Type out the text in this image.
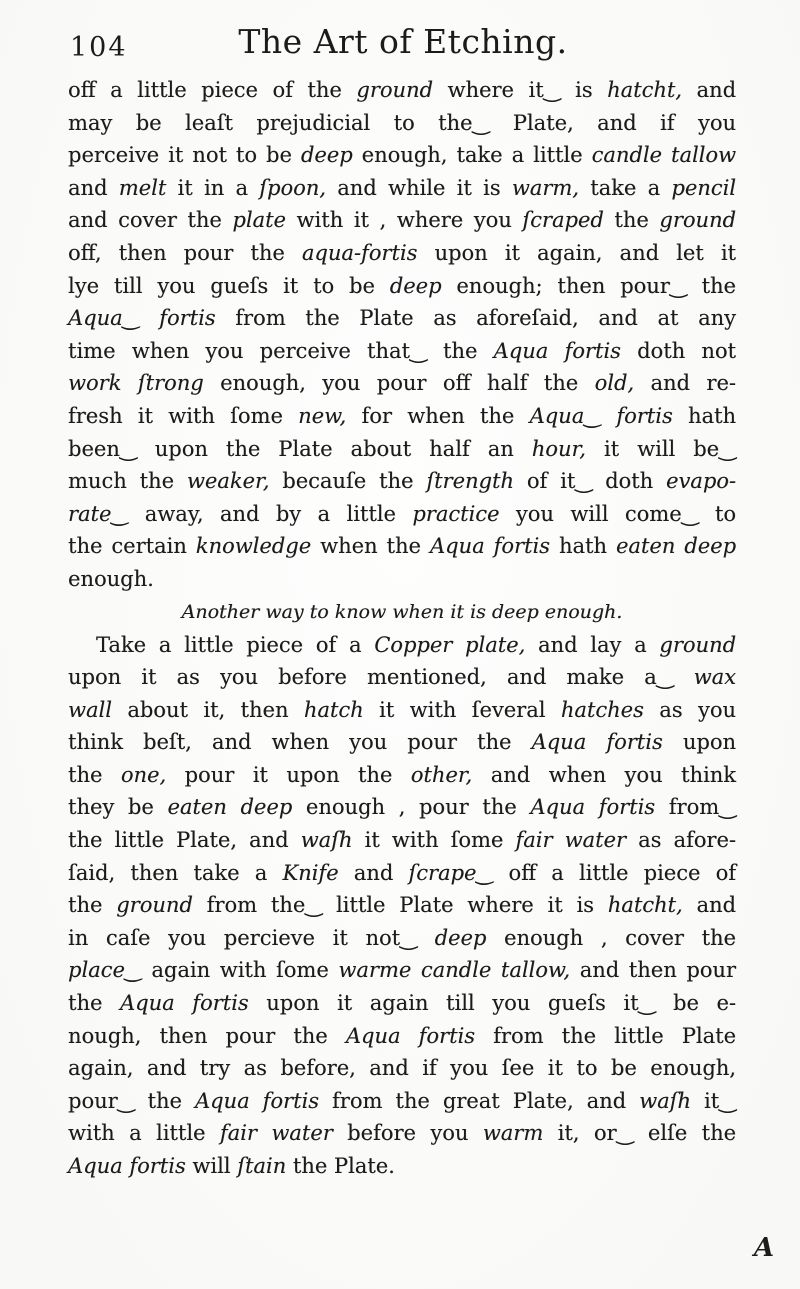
104	The Art of Etching.
off a little piece of the ground where it‿ is hatcht, and
may be leaſt prejudicial to the‿ Plate, and if you
perceive it not to be deep enough, take a little candle tallow
and melt it in a ſpoon, and while it is warm, take a pencil
and cover the plate with it , where you ſcraped the ground
off, then pour the aqua-fortis upon it again, and let it
lye till you gueſs it to be deep enough; then pour‿ the
Aqua‿ fortis from the Plate as aforeſaid, and at any
time when you perceive that‿ the Aqua fortis doth not
work ſtrong enough, you pour off half the old, and re-
fresh it with ſome new, for when the Aqua‿ fortis hath
been‿ upon the Plate about half an hour, it will be‿
much the weaker, becauſe the ſtrength of it‿ doth evapo-
rate‿ away, and by a little practice you will come‿ to
the certain knowledge when the Aqua fortis hath eaten deep
enough.
Another way to know when it is deep enough.
Take a little piece of a Copper plate, and lay a ground
upon it as you before mentioned, and make a‿ wax
wall about it, then hatch it with ſeveral hatches as you
think beſt, and when you pour the Aqua fortis upon
the one, pour it upon the other, and when you think
they be eaten deep enough , pour the Aqua fortis from‿
the little Plate, and waſh it with ſome fair water as afore-
ſaid, then take a Knife and ſcrape‿ off a little piece of
the ground from the‿ little Plate where it is hatcht, and
in caſe you percieve it not‿ deep enough , cover the
place‿ again with ſome warme candle tallow, and then pour
the Aqua fortis upon it again till you gueſs it‿ be e-
nough, then pour the Aqua fortis from the little Plate
again, and try as before, and if you ſee it to be enough,
pour‿ the Aqua fortis from the great Plate, and waſh it‿
with a little fair water before you warm it, or‿ elſe the
Aqua fortis will ſtain the Plate.
A
